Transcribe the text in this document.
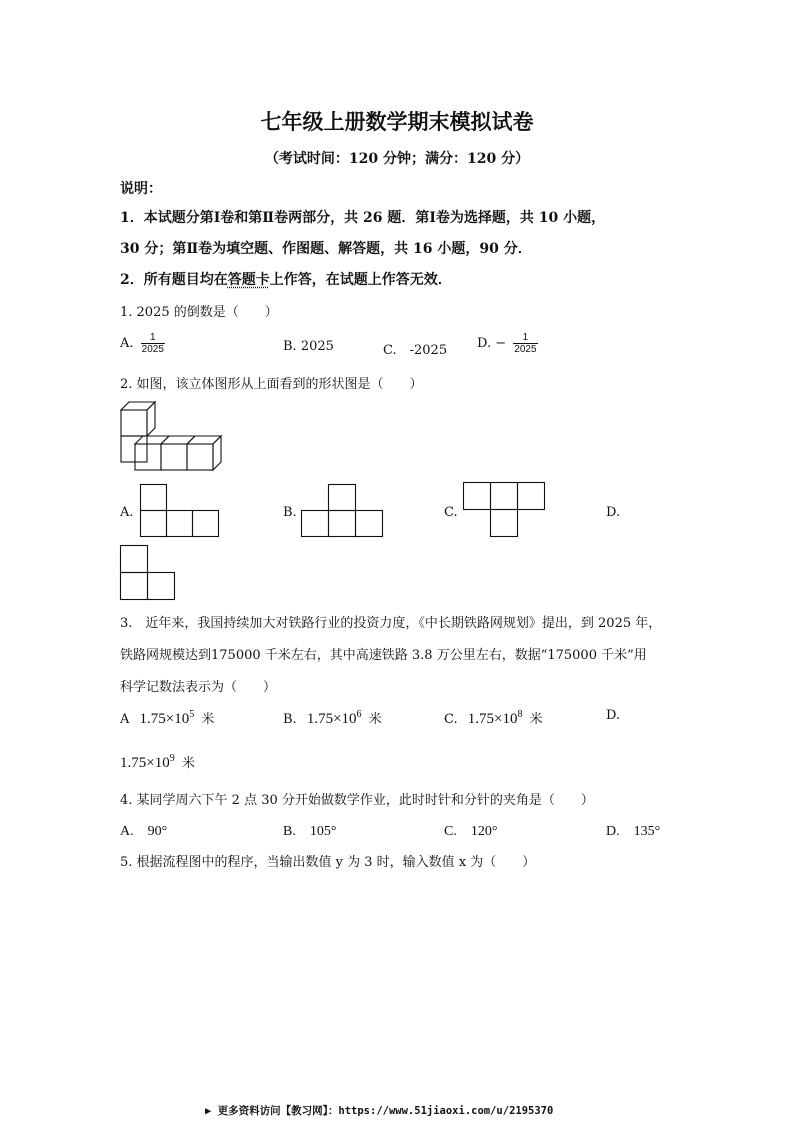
七年级上册数学期末模拟试卷
（考试时间：120 分钟；满分：120 分）
说明：
1．本试题分第Ⅰ卷和第Ⅱ卷两部分，共 26 题．第Ⅰ卷为选择题，共 10 小题，
30 分；第Ⅱ卷为填空题、作图题、解答题，共 16 小题，90 分．
2．所有题目均在答题卡上作答，在试题上作答无效．
1. 2025 的倒数是（　　）
A. $\frac{1}{2025}$	B. 2025	C.　-2025 D. − $\frac{1}{2025}$
2. 如图，该立体图形从上面看到的形状图是（　　）
A.	B.	C.	D.
3.　近年来，我国持续加大对铁路行业的投资力度，《中长期铁路网规划》提出，到 2025 年，
铁路网规模达到175000 千米左右，其中高速铁路 3.8 万公里左右，数据“175000 千米”用
科学记数法表示为（　　）
A $1.75\times 10^5$ 米	B. $1.75\times 10^6$ 米	C. $1.75\times 10^8$ 米	D.
$1.75\times 10^9$ 米
4. 某同学周六下午 2 点 30 分开始做数学作业，此时时针和分针的夹角是（　　）
A.　90°	B.　105°	C.　120°	D.　135°
5. 根据流程图中的程序，当输出数值 y 为 3 时，输入数值 x 为（　　）
▶ 更多资料访问【教习网】：https://www.51jiaoxi.com/u/2195370
